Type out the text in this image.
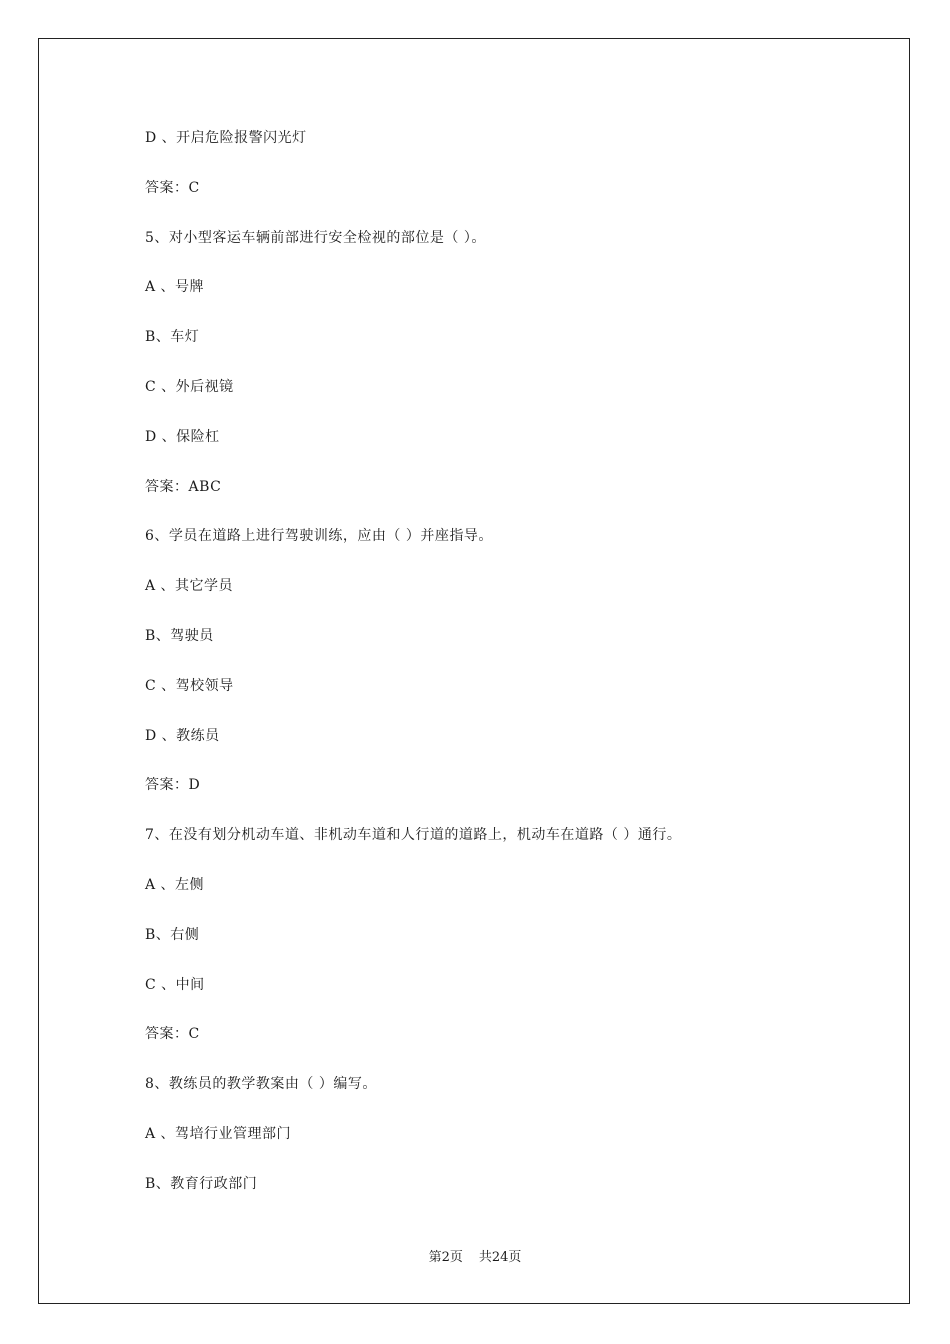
D 、开启危险报警闪光灯
答案：C
5、对小型客运车辆前部进行安全检视的部位是（ ）。
A 、号牌
B、车灯
C 、外后视镜
D 、保险杠
答案：ABC
6、学员在道路上进行驾驶训练，应由（ ）并座指导。
A 、其它学员
B、驾驶员
C 、驾校领导
D 、教练员
答案：D
7、在没有划分机动车道、非机动车道和人行道的道路上，机动车在道路（ ）通行。
A 、左侧
B、右侧
C 、中间
答案：C
8、教练员的教学教案由（ ）编写。
A 、驾培行业管理部门
B、教育行政部门
第2页 共24页
